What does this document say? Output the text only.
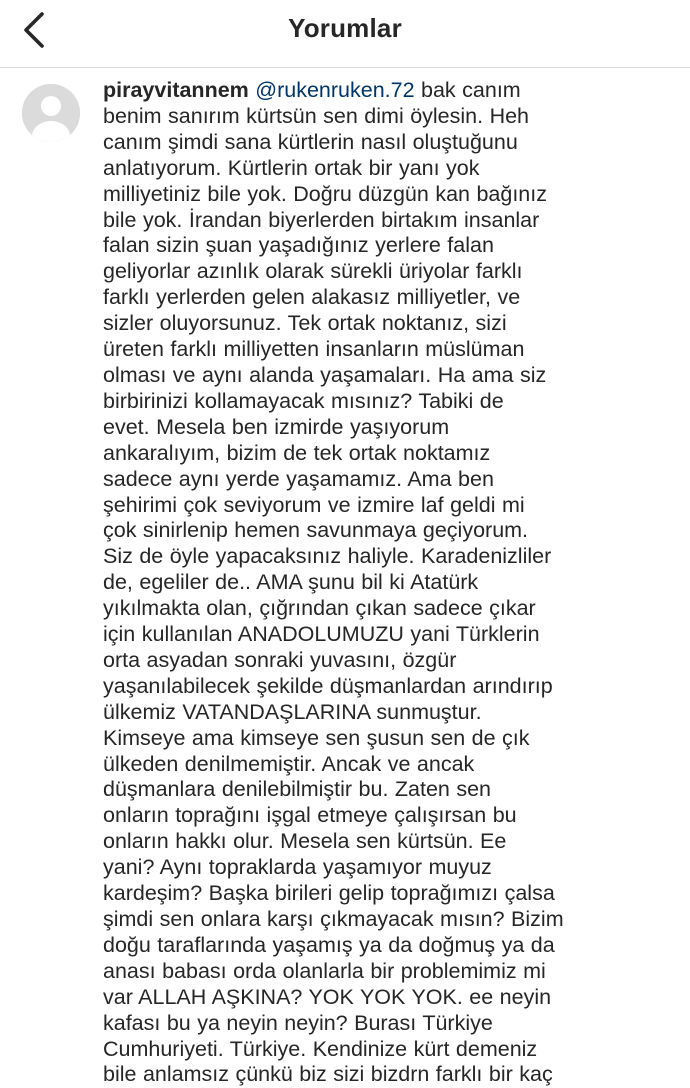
Yorumlar
pirayvitannem @rukenruken.72 bak canım
benim sanırım kürtsün sen dimi öylesin. Heh
canım şimdi sana kürtlerin nasıl oluştuğunu
anlatıyorum. Kürtlerin ortak bir yanı yok
milliyetiniz bile yok. Doğru düzgün kan bağınız
bile yok. İrandan biyerlerden birtakım insanlar
falan sizin şuan yaşadığınız yerlere falan
geliyorlar azınlık olarak sürekli üriyolar farklı
farklı yerlerden gelen alakasız milliyetler, ve
sizler oluyorsunuz. Tek ortak noktanız, sizi
üreten farklı milliyetten insanların müslüman
olması ve aynı alanda yaşamaları. Ha ama siz
birbirinizi kollamayacak mısınız? Tabiki de
evet. Mesela ben izmirde yaşıyorum
ankaralıyım, bizim de tek ortak noktamız
sadece aynı yerde yaşamamız. Ama ben
şehirimi çok seviyorum ve izmire laf geldi mi
çok sinirlenip hemen savunmaya geçiyorum.
Siz de öyle yapacaksınız haliyle. Karadenizliler
de, egeliler de.. AMA şunu bil ki Atatürk
yıkılmakta olan, çığrından çıkan sadece çıkar
için kullanılan ANADOLUMUZU yani Türklerin
orta asyadan sonraki yuvasını, özgür
yaşanılabilecek şekilde düşmanlardan arındırıp
ülkemiz VATANDAŞLARINA sunmuştur.
Kimseye ama kimseye sen şusun sen de çık
ülkeden denilmemiştir. Ancak ve ancak
düşmanlara denilebilmiştir bu. Zaten sen
onların toprağını işgal etmeye çalışırsan bu
onların hakkı olur. Mesela sen kürtsün. Ee
yani? Aynı topraklarda yaşamıyor muyuz
kardeşim? Başka birileri gelip toprağımızı çalsa
şimdi sen onlara karşı çıkmayacak mısın? Bizim
doğu taraflarında yaşamış ya da doğmuş ya da
anası babası orda olanlarla bir problemimiz mi
var ALLAH AŞKINA? YOK YOK YOK. ee neyin
kafası bu ya neyin neyin? Burası Türkiye
Cumhuriyeti. Türkiye. Kendinize kürt demeniz
bile anlamsız çünkü biz sizi bizdrn farklı bir kaç
